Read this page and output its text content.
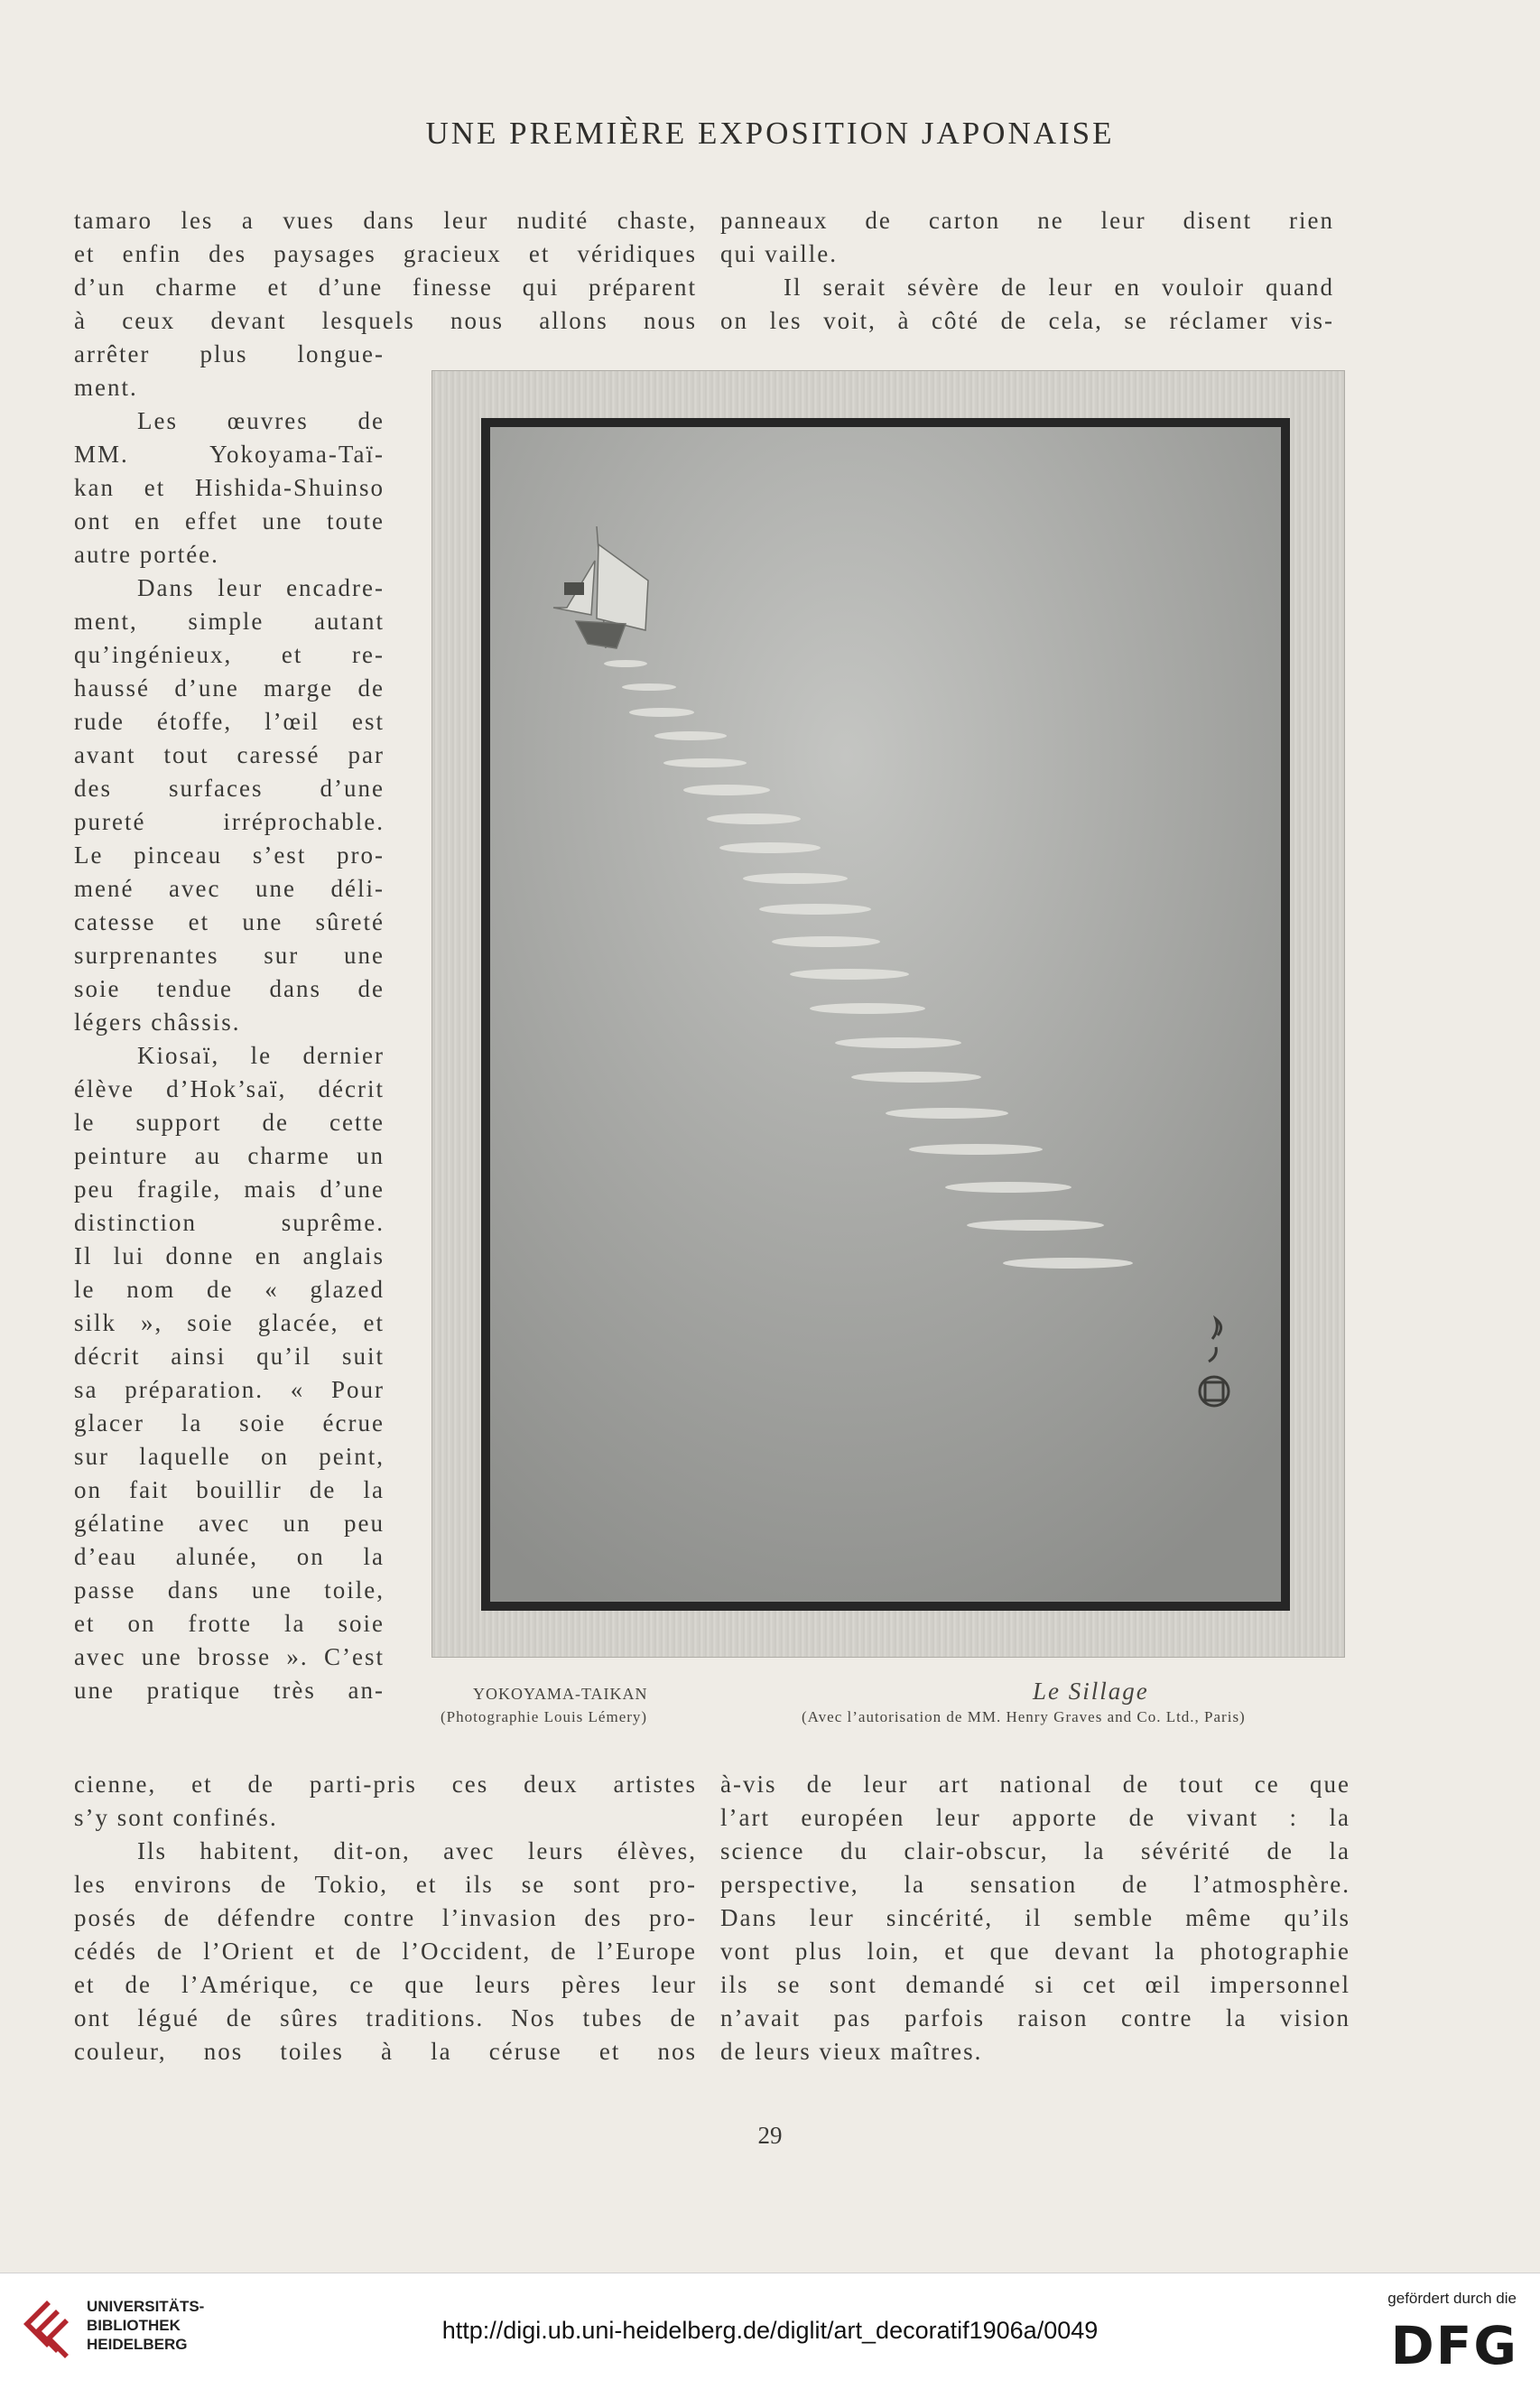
UNE PREMIÈRE EXPOSITION JAPONAISE
tamaro les a vues dans leur nudité chaste,
et enfin des paysages gracieux et véridiques
d’un charme et d’une finesse qui préparent
à ceux devant lesquels nous allons nous
arrêter plus longue-
ment.
Les œuvres de
MM. Yokoyama-Taï-
kan et Hishida-Shuinso
ont en effet une toute
autre portée.
Dans leur encadre-
ment, simple autant
qu’ingénieux, et re-
haussé d’une marge de
rude étoffe, l’œil est
avant tout caressé par
des surfaces d’une
pureté irréprochable.
Le pinceau s’est pro-
mené avec une déli-
catesse et une sûreté
surprenantes sur une
soie tendue dans de
légers châssis.
Kiosaï, le dernier
élève d’Hok’saï, décrit
le support de cette
peinture au charme un
peu fragile, mais d’une
distinction suprême.
Il lui donne en anglais
le nom de « glazed
silk », soie glacée, et
décrit ainsi qu’il suit
sa préparation. « Pour
glacer la soie écrue
sur laquelle on peint,
on fait bouillir de la
gélatine avec un peu
d’eau alunée, on la
passe dans une toile,
et on frotte la soie
avec une brosse ». C’est
une pratique très an-
cienne, et de parti-pris ces deux artistes
s’y sont confinés.
Ils habitent, dit-on, avec leurs élèves,
les environs de Tokio, et ils se sont pro-
posés de défendre contre l’invasion des pro-
cédés de l’Orient et de l’Occident, de l’Europe
et de l’Amérique, ce que leurs pères leur
ont légué de sûres traditions. Nos tubes de
couleur, nos toiles à la céruse et nos
panneaux de carton ne leur disent rien
qui vaille.
Il serait sévère de leur en vouloir quand
on les voit, à côté de cela, se réclamer vis-
à-vis de leur art national de tout ce que
l’art européen leur apporte de vivant : la
science du clair-obscur, la sévérité de la
perspective, la sensation de l’atmosphère.
Dans leur sincérité, il semble même qu’ils
vont plus loin, et que devant la photographie
ils se sont demandé si cet œil impersonnel
n’avait pas parfois raison contre la vision
de leurs vieux maîtres.
YOKOYAMA-TAIKAN
(Photographie Louis Lémery)
Le Sillage
(Avec l’autorisation de MM. Henry Graves and Co. Ltd., Paris)
29
UNIVERSITÄTS-
BIBLIOTHEK
HEIDELBERG
http://digi.ub.uni-heidelberg.de/diglit/art_decoratif1906a/0049
gefördert durch die
DFG
